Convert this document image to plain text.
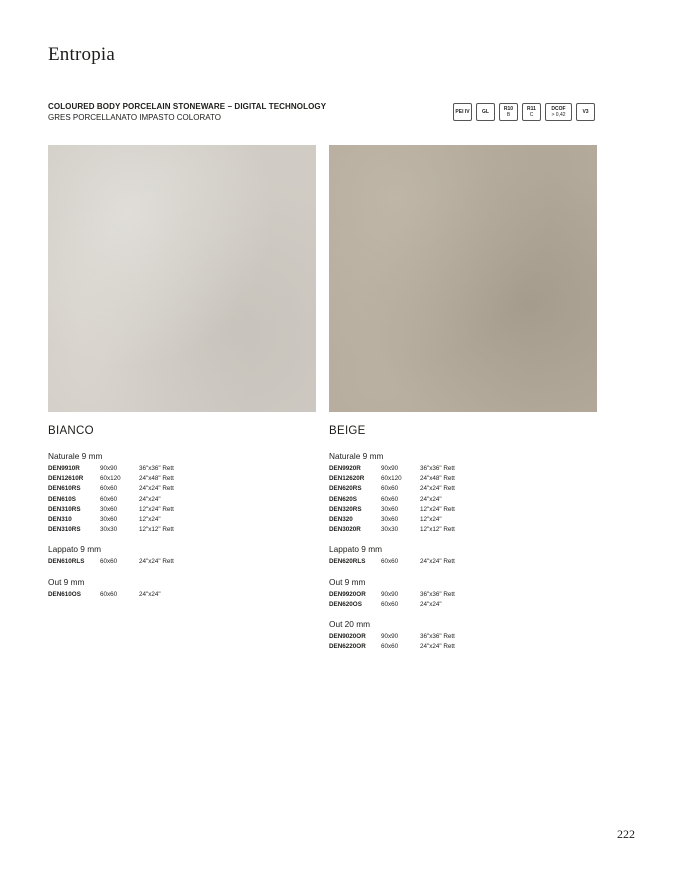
Entropia
COLOURED BODY PORCELAIN STONEWARE – DIGITAL TECHNOLOGY
GRES PORCELLANATO IMPASTO COLORATO
PEI IV GL	R10
B
R11
C
DCOF
> 0,42	V3
BIANCO
Naturale 9 mm
DEN9910R	90x90	36"x36" Rett
DEN12610R	60x120	24"x48" Rett
DEN610RS	60x60	24"x24" Rett
DEN610S	60x60	24"x24"
DEN310RS	30x60	12"x24" Rett
DEN310	30x60	12"x24"
DEN310RS	30x30	12"x12" Rett
Lappato 9 mm
DEN610RLS	60x60	24"x24" Rett
Out 9 mm
DEN610OS	60x60	24"x24"
BEIGE
Naturale 9 mm
DEN9920R	90x90	36"x36" Rett
DEN12620R	60x120	24"x48" Rett
DEN620RS	60x60	24"x24" Rett
DEN620S	60x60	24"x24"
DEN320RS	30x60	12"x24" Rett
DEN320	30x60	12"x24"
DEN3020R	30x30	12"x12" Rett
Lappato 9 mm
DEN620RLS	60x60	24"x24" Rett
Out 9 mm
DEN9920OR	90x90	36"x36" Rett
DEN620OS	60x60	24"x24"
Out 20 mm
DEN9020OR	90x90	36"x36" Rett
DEN6220OR	60x60	24"x24" Rett
222
